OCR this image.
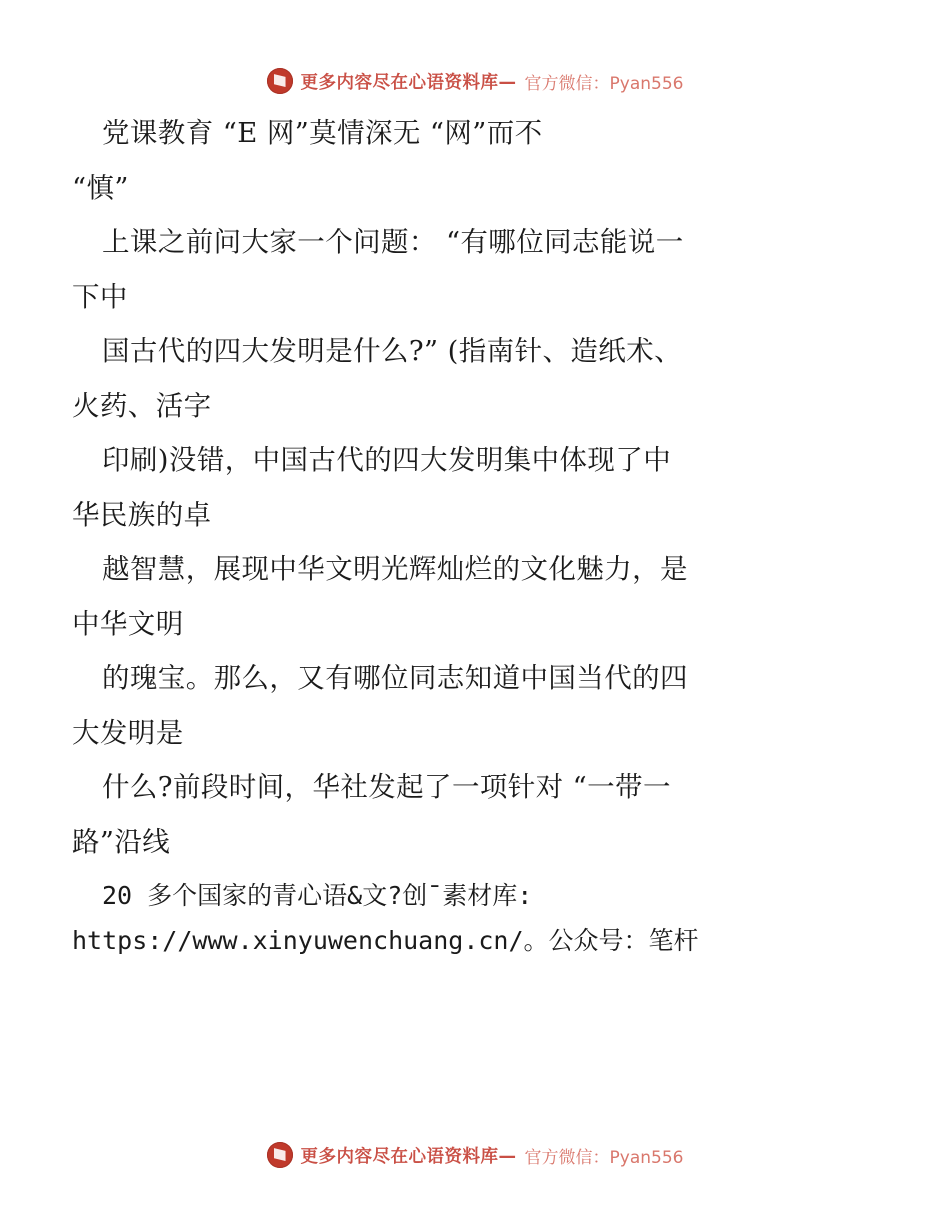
更多内容尽在心语资料库— 官方微信：Pyan556

党课教育 “E 网”莫情深无 “网”而不

“慎”

上课之前问大家一个问题： “有哪位同志能说一

下中

国古代的四大发明是什么?” (指南针、造纸术、

火药、活字

印刷)没错，中国古代的四大发明集中体现了中

华民族的卓

越智慧，展现中华文明光辉灿烂的文化魅力，是

中华文明

的瑰宝。那么，又有哪位同志知道中国当代的四

大发明是

什么?前段时间，华社发起了一项针对 “一带一

路”沿线

20 多个国家的青心语&文?创¯素材库:

https://www.xinyuwenchuang.cn/。公众号：笔杆

更多内容尽在心语资料库— 官方微信：Pyan556
